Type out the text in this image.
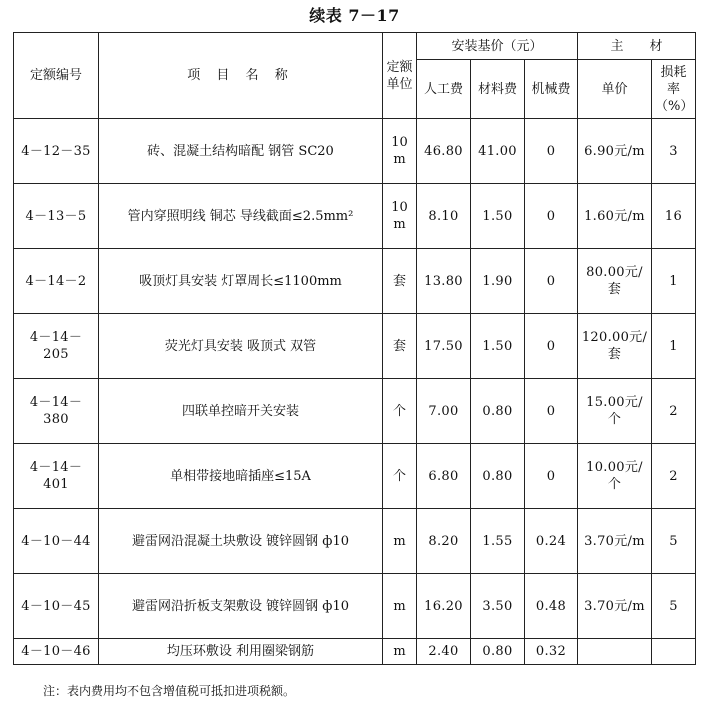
续表 7－17
定额编号	项 目 名 称	定额单位	安装基价（元）			主　　材	
			人工费	材料费	机械费	单价	损耗率（%）
4－12－35	砖、混凝土结构暗配 钢管 SC20	10m	46.80	41.00	0	6.90元/m	3
4－13－5	管内穿照明线 铜芯 导线截面≤2.5mm²	10m	8.10	1.50	0	1.60元/m	16
4－14－2	吸顶灯具安装 灯罩周长≤1100mm	套	13.80	1.90	0	80.00元/套	1
4－14－205	荧光灯具安装 吸顶式 双管	套	17.50	1.50	0	120.00元/套	1
4－14－380	四联单控暗开关安装	个	7.00	0.80	0	15.00元/个	2
4－14－401	单相带接地暗插座≤15A	个	6.80	0.80	0	10.00元/个	2
4－10－44	避雷网沿混凝土块敷设 镀锌圆钢 ф10	m	8.20	1.55	0.24	3.70元/m	5
4－10－45	避雷网沿折板支架敷设 镀锌圆钢 ф10	m	16.20	3.50	0.48	3.70元/m	5
4－10－46	均压环敷设 利用圈梁钢筋	m	2.40	0.80	0.32		
注：表内费用均不包含增值税可抵扣进项税额。
